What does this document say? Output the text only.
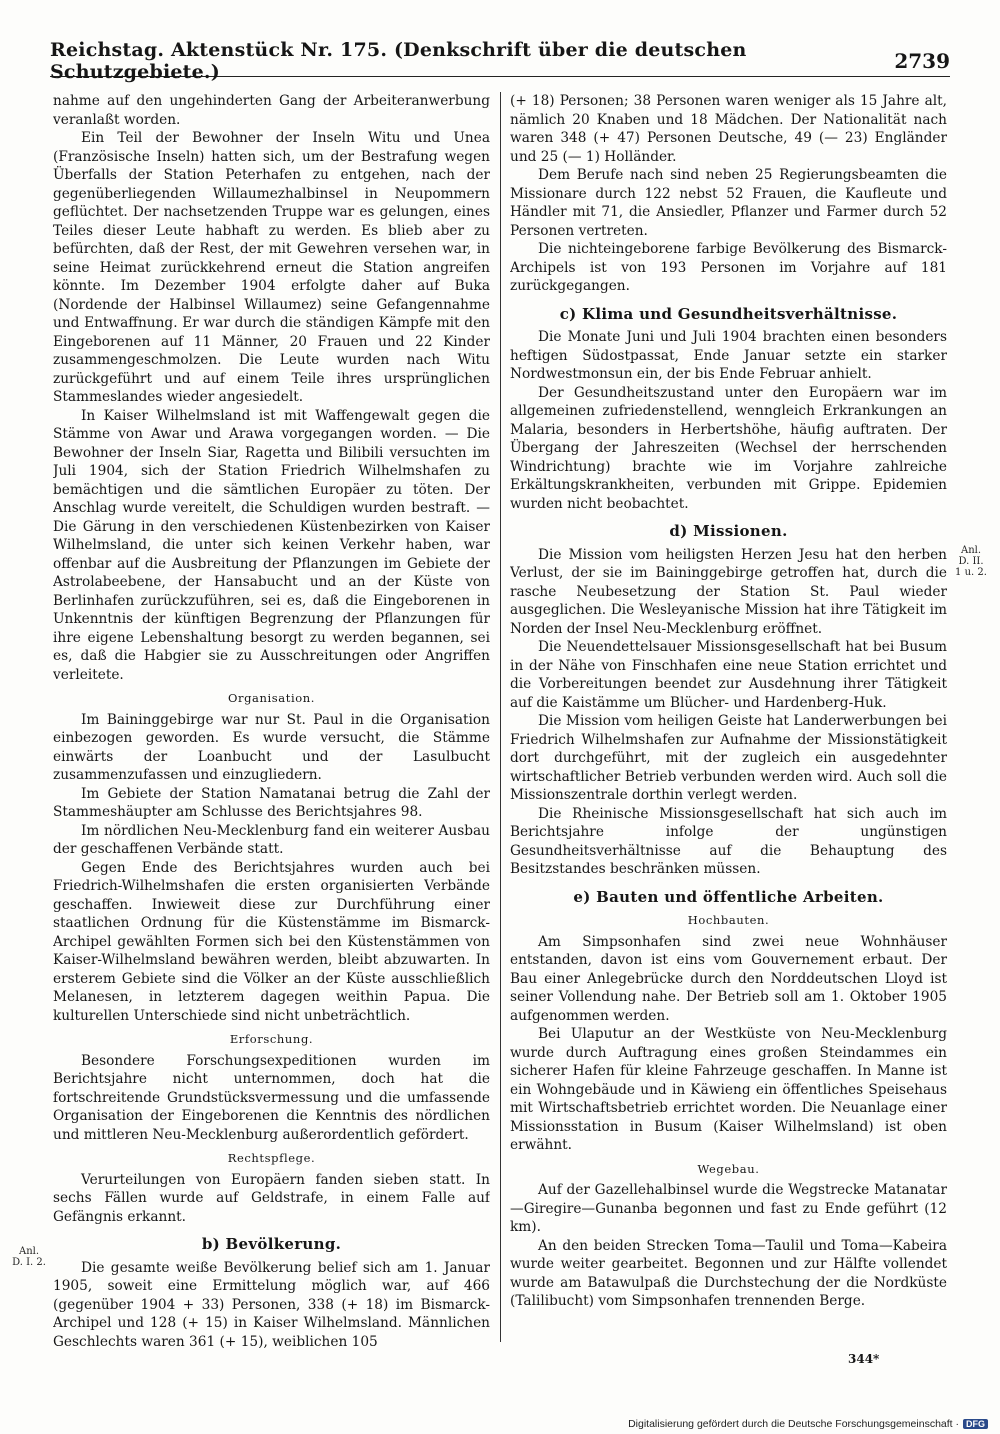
Reichstag. Aktenstück Nr. 175. (Denkschrift über die deutschen Schutzgebiete.)	2739

nahme auf den ungehinderten Gang der Arbeiteranwerbung veranlaßt worden.

Ein Teil der Bewohner der Inseln Witu und Unea (Französische Inseln) hatten sich, um der Bestrafung wegen Überfalls der Station Peterhafen zu entgehen, nach der gegenüberliegenden Willaumezhalbinsel in Neupommern geflüchtet. Der nachsetzenden Truppe war es gelungen, eines Teiles dieser Leute habhaft zu werden. Es blieb aber zu befürchten, daß der Rest, der mit Gewehren versehen war, in seine Heimat zurückkehrend erneut die Station angreifen könnte. Im Dezember 1904 erfolgte daher auf Buka (Nordende der Halbinsel Willaumez) seine Gefangennahme und Entwaffnung. Er war durch die ständigen Kämpfe mit den Eingeborenen auf 11 Männer, 20 Frauen und 22 Kinder zusammengeschmolzen. Die Leute wurden nach Witu zurückgeführt und auf einem Teile ihres ursprünglichen Stammeslandes wieder angesiedelt.

In Kaiser Wilhelmsland ist mit Waffengewalt gegen die Stämme von Awar und Arawa vorgegangen worden. — Die Bewohner der Inseln Siar, Ragetta und Bilibili versuchten im Juli 1904, sich der Station Friedrich Wilhelmshafen zu bemächtigen und die sämtlichen Europäer zu töten. Der Anschlag wurde vereitelt, die Schuldigen wurden bestraft. — Die Gärung in den verschiedenen Küstenbezirken von Kaiser Wilhelmsland, die unter sich keinen Verkehr haben, war offenbar auf die Ausbreitung der Pflanzungen im Gebiete der Astrolabeebene, der Hansabucht und an der Küste von Berlinhafen zurückzuführen, sei es, daß die Eingeborenen in Unkenntnis der künftigen Begrenzung der Pflanzungen für ihre eigene Lebenshaltung besorgt zu werden begannen, sei es, daß die Habgier sie zu Ausschreitungen oder Angriffen verleitete.

Organisation.

Im Baininggebirge war nur St. Paul in die Organisation einbezogen geworden. Es wurde versucht, die Stämme einwärts der Loanbucht und der Lasulbucht zusammenzufassen und einzugliedern.

Im Gebiete der Station Namatanai betrug die Zahl der Stammeshäupter am Schlusse des Berichtsjahres 98.

Im nördlichen Neu-Mecklenburg fand ein weiterer Ausbau der geschaffenen Verbände statt.

Gegen Ende des Berichtsjahres wurden auch bei Friedrich-Wilhelmshafen die ersten organisierten Verbände geschaffen. Inwieweit diese zur Durchführung einer staatlichen Ordnung für die Küstenstämme im Bismarck-Archipel gewählten Formen sich bei den Küstenstämmen von Kaiser-Wilhelmsland bewähren werden, bleibt abzuwarten. In ersterem Gebiete sind die Völker an der Küste ausschließlich Melanesen, in letzterem dagegen weithin Papua. Die kulturellen Unterschiede sind nicht unbeträchtlich.

Erforschung.

Besondere Forschungsexpeditionen wurden im Berichtsjahre nicht unternommen, doch hat die fortschreitende Grundstücksvermessung und die umfassende Organisation der Eingeborenen die Kenntnis des nördlichen und mittleren Neu-Mecklenburg außerordentlich gefördert.

Rechtspflege.

Verurteilungen von Europäern fanden sieben statt. In sechs Fällen wurde auf Geldstrafe, in einem Falle auf Gefängnis erkannt.

b) Bevölkerung.

Die gesamte weiße Bevölkerung belief sich am 1. Januar 1905, soweit eine Ermittelung möglich war, auf 466 (gegenüber 1904 + 33) Personen, 338 (+ 18) im Bismarck-Archipel und 128 (+ 15) in Kaiser Wilhelmsland. Männlichen Geschlechts waren 361 (+ 15), weiblichen 105

(+ 18) Personen; 38 Personen waren weniger als 15 Jahre alt, nämlich 20 Knaben und 18 Mädchen. Der Nationalität nach waren 348 (+ 47) Personen Deutsche, 49 (— 23) Engländer und 25 (— 1) Holländer.

Dem Berufe nach sind neben 25 Regierungsbeamten die Missionare durch 122 nebst 52 Frauen, die Kaufleute und Händler mit 71, die Ansiedler, Pflanzer und Farmer durch 52 Personen vertreten.

Die nichteingeborene farbige Bevölkerung des Bismarck-Archipels ist von 193 Personen im Vorjahre auf 181 zurückgegangen.

c) Klima und Gesundheitsverhältnisse.

Die Monate Juni und Juli 1904 brachten einen besonders heftigen Südostpassat, Ende Januar setzte ein starker Nordwestmonsun ein, der bis Ende Februar anhielt.

Der Gesundheitszustand unter den Europäern war im allgemeinen zufriedenstellend, wenngleich Erkrankungen an Malaria, besonders in Herbertshöhe, häufig auftraten. Der Übergang der Jahreszeiten (Wechsel der herrschenden Windrichtung) brachte wie im Vorjahre zahlreiche Erkältungskrankheiten, verbunden mit Grippe. Epidemien wurden nicht beobachtet.

d) Missionen.

Die Mission vom heiligsten Herzen Jesu hat den herben Verlust, der sie im Baininggebirge getroffen hat, durch die rasche Neubesetzung der Station St. Paul wieder ausgeglichen. Die Wesleyanische Mission hat ihre Tätigkeit im Norden der Insel Neu-Mecklenburg eröffnet.

Die Neuendettelsauer Missionsgesellschaft hat bei Busum in der Nähe von Finschhafen eine neue Station errichtet und die Vorbereitungen beendet zur Ausdehnung ihrer Tätigkeit auf die Kaistämme um Blücher- und Hardenberg-Huk.

Die Mission vom heiligen Geiste hat Landerwerbungen bei Friedrich Wilhelmshafen zur Aufnahme der Missionstätigkeit dort durchgeführt, mit der zugleich ein ausgedehnter wirtschaftlicher Betrieb verbunden werden wird. Auch soll die Missionszentrale dorthin verlegt werden.

Die Rheinische Missionsgesellschaft hat sich auch im Berichtsjahre infolge der ungünstigen Gesundheitsverhältnisse auf die Behauptung des Besitzstandes beschränken müssen.

e) Bauten und öffentliche Arbeiten.
Hochbauten.

Am Simpsonhafen sind zwei neue Wohnhäuser entstanden, davon ist eins vom Gouvernement erbaut. Der Bau einer Anlegebrücke durch den Norddeutschen Lloyd ist seiner Vollendung nahe. Der Betrieb soll am 1. Oktober 1905 aufgenommen werden.

Bei Ulaputur an der Westküste von Neu-Mecklenburg wurde durch Auftragung eines großen Steindammes ein sicherer Hafen für kleine Fahrzeuge geschaffen. In Manne ist ein Wohngebäude und in Käwieng ein öffentliches Speisehaus mit Wirtschaftsbetrieb errichtet worden. Die Neuanlage einer Missionsstation in Busum (Kaiser Wilhelmsland) ist oben erwähnt.

Wegebau.

Auf der Gazellehalbinsel wurde die Wegstrecke Matanatar—Giregire—Gunanba begonnen und fast zu Ende geführt (12 km).

An den beiden Strecken Toma—Taulil und Toma—Kabeira wurde weiter gearbeitet. Begonnen und zur Hälfte vollendet wurde am Batawulpaß die Durchstechung der die Nordküste (Talilibucht) vom Simpsonhafen trennenden Berge.

Anl.
D. I. 2.
Anl.
D. II.
1 u. 2.
344*
Digitalisierung gefördert durch die Deutsche Forschungsgemeinschaft · DFG
